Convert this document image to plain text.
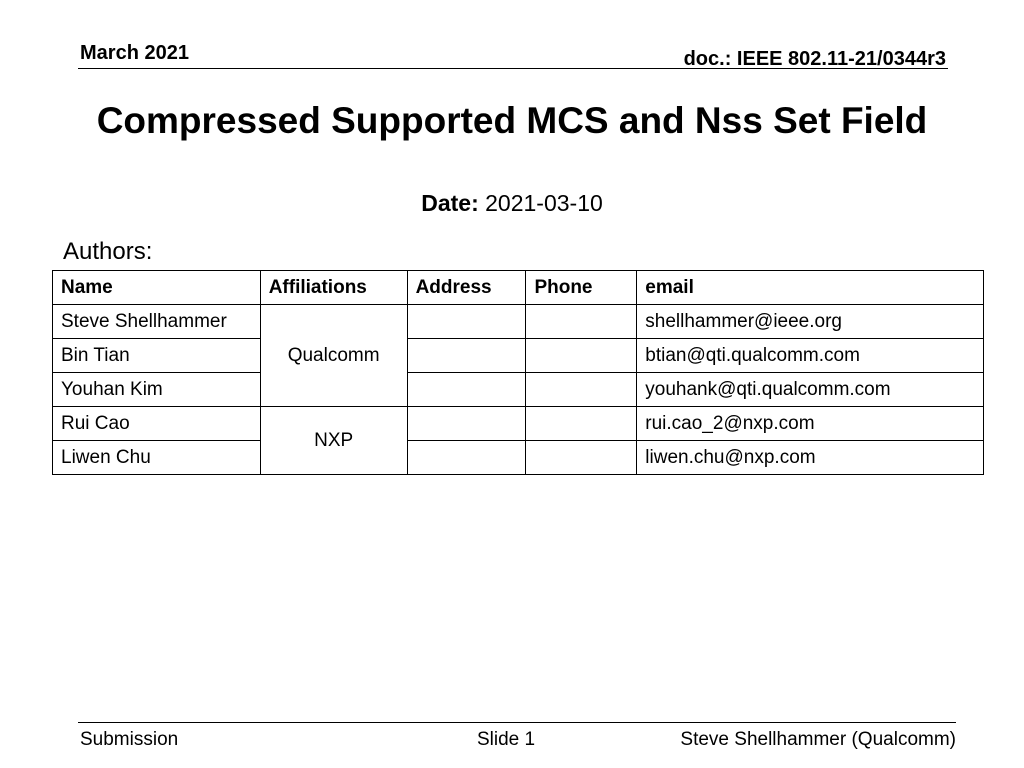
March 2021	doc.: IEEE 802.11-21/0344r3
Compressed Supported MCS and Nss Set Field
Date: 2021-03-10
Authors:
Name	Affiliations	Address	Phone	email
Steve Shellhammer	Qualcomm			shellhammer@ieee.org
Bin Tian				btian@qti.qualcomm.com
Youhan Kim				youhank@qti.qualcomm.com
Rui Cao	NXP			rui.cao_2@nxp.com
Liwen Chu				liwen.chu@nxp.com
Submission	Slide 1	Steve Shellhammer (Qualcomm)
